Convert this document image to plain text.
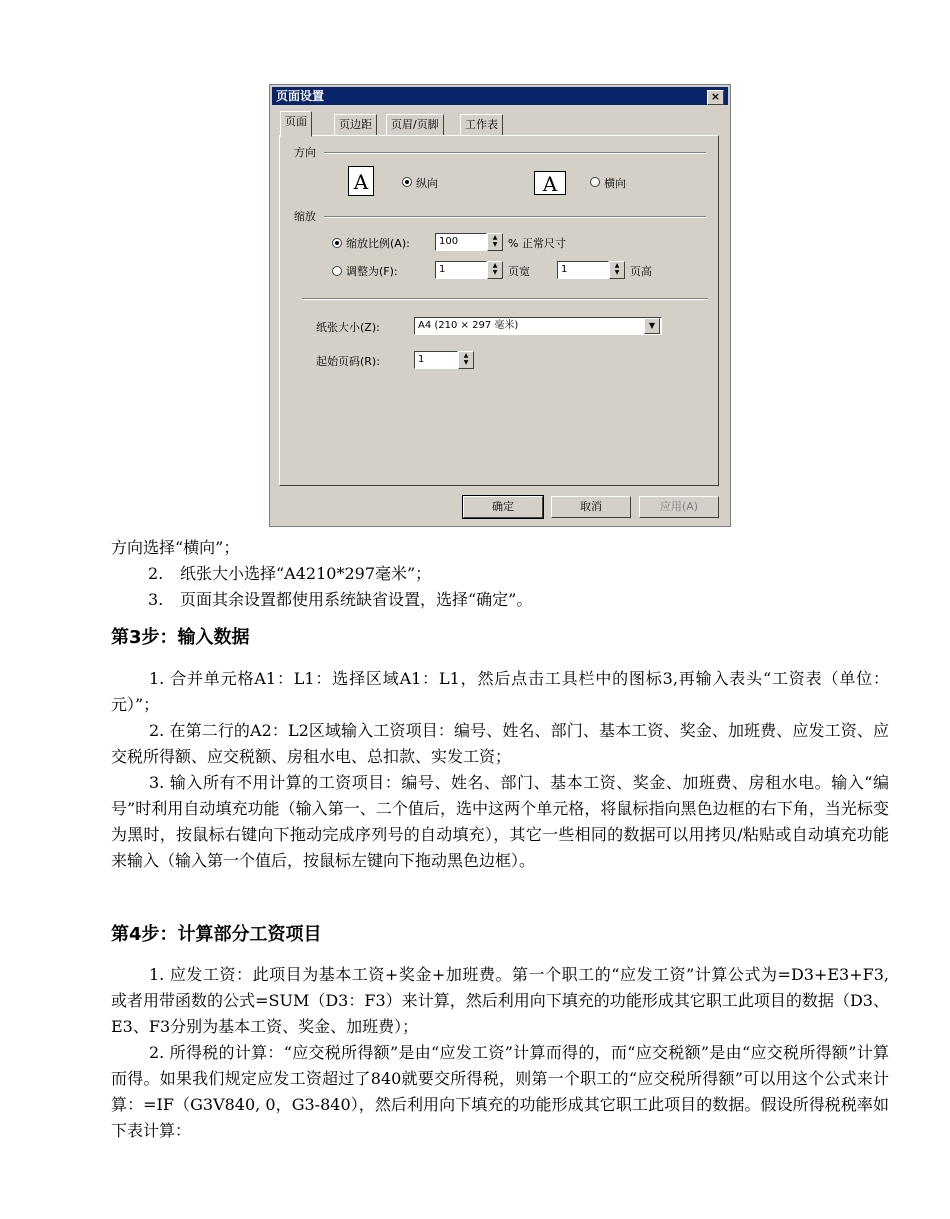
页面设置	×
页面	页边距	页眉/页脚	工作表
方向
A	纵向	A	横向
缩放
缩放比例(A):	100	▲
▼ % 正常尺寸
调整为(F):	1	▲
▼ 页宽	1	▲
▼ 页高
纸张大小(Z):	A4 (210 × 297 毫米)	▼
起始页码(R):	1	▲
▼
确定	取消	应用(A)
方向选择“横向”；
2. 纸张大小选择“A4210*297毫米”；
3. 页面其余设置都使用系统缺省设置，选择“确定”。
第3步：输入数据

1. 合并单元格A1：L1：选择区域A1：L1，然后点击工具栏中的图标3,再输入表头“工资表（单位：元）”；

2. 在第二行的A2：L2区域输入工资项目：编号、姓名、部门、基本工资、奖金、加班费、应发工资、应交税所得额、应交税额、房租水电、总扣款、实发工资；

3. 输入所有不用计算的工资项目：编号、姓名、部门、基本工资、奖金、加班费、房租水电。输入“编号”时利用自动填充功能（输入第一、二个值后，选中这两个单元格，将鼠标指向黑色边框的右下角，当光标变为黑时，按鼠标右键向下拖动完成序列号的自动填充），其它一些相同的数据可以用拷贝/粘贴或自动填充功能来输入（输入第一个值后，按鼠标左键向下拖动黑色边框）。

第4步：计算部分工资项目

1. 应发工资：此项目为基本工资+奖金+加班费。第一个职工的“应发工资”计算公式为=D3+E3+F3, 或者用带函数的公式=SUM（D3：F3）来计算，然后利用向下填充的功能形成其它职工此项目的数据（D3、E3、F3分别为基本工资、奖金、加班费）；

2. 所得税的计算：“应交税所得额”是由“应发工资”计算而得的，而“应交税额”是由“应交税所得额”计算而得。如果我们规定应发工资超过了840就要交所得税，则第一个职工的“应交税所得额”可以用这个公式来计算：=IF（G3V840, 0，G3-840），然后利用向下填充的功能形成其它职工此项目的数据。假设所得税税率如下表计算：
